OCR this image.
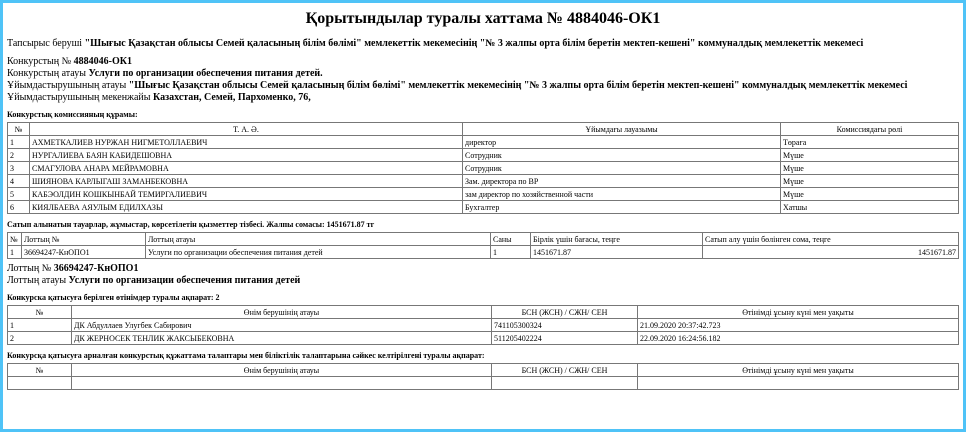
Қорытындылар туралы хаттама № 4884046-ОК1
Тапсырыс беруші "Шығыс Қазақстан облысы Семей қаласының білім бөлімі" мемлекеттік мекемесінің "№ 3 жалпы орта білім беретін мектеп-кешені" коммуналдық мемлекеттік мекемесі
Конкурстың № 4884046-ОК1
Конкурстың атауы Услуги по организации обеспечения питания детей.
Ұйымдастырушының атауы "Шығыс Қазақстан облысы Семей қаласының білім бөлімі" мемлекеттік мекемесінің "№ 3 жалпы орта білім беретін мектеп-кешені" коммуналдық мемлекеттік мекемесі
Ұйымдастырушының мекенжайы Казахстан, Семей, Пархоменко, 76,
Конкурстық комиссияның құрамы:
№	Т. А. Ә.	Ұйымдағы лауазымы	Комиссиядағы рөлі
1	АХМЕТКАЛИЕВ НУРЖАН НИГМЕТОЛЛАЕВИЧ	директор	Төраға
2	НУРГАЛИЕВА БАЯН КАБИДЕШОВНА	Сотрудник	Мүше
3	СМАГУЛОВА АНАРА МЕЙРАМОВНА	Сотрудник	Мүше
4	ШИЯНОВА КАРЛЫГАШ ЗАМАНБЕКОВНА	Зам. директора по ВР	Мүше
5	КАБЭОЛДИН КОШКЫНБАЙ ТЕМИРГАЛИЕВИЧ	зам директор по хозяйственной части	Мүше
6	КИЯЛБАЕВА АЯУЛЫМ ЕДИЛХАЗЫ	Бухгалтер	Хатшы
Сатып алынатын тауарлар, жұмыстар, көрсетілетін қызметтер тізбесі. Жалпы сомасы: 1451671.87 тг
№	Лоттың №	Лоттың атауы	Саны	Бірлік үшін бағасы, теңге	Сатып алу үшін бөлінген сома, теңге
1	36694247-КнОПО1	Услуги по организации обеспечения питания детей	1	1451671.87	1451671.87
Лоттың № 36694247-КнОПО1
Лоттың атауы Услуги по организации обеспечения питания детей
Конкурска қатысуға берілген өтінімдер туралы ақпарат: 2
№	Өнім берушінің атауы	БСН (ЖСН) / СЖН/ СЕН	Өтінімді ұсыну күні мен уақыты
1	ДК Абдуллаев Улугбек Сабирович	741105300324	21.09.2020 20:37:42.723
2	ДК ЖЕРНОСЕК ТЕНЛИК ЖАКСЫБЕКОВНА	511205402224	22.09.2020 16:24:56.182
Конкурсқа қатысуға арналған конкурстық құжаттама талаптары мен біліктілік талаптарына сәйкес келтірілгені туралы ақпарат:
№	Өнім берушінің атауы	БСН (ЖСН) / СЖН/ СЕН	Өтінімді ұсыну күні мен уақыты
